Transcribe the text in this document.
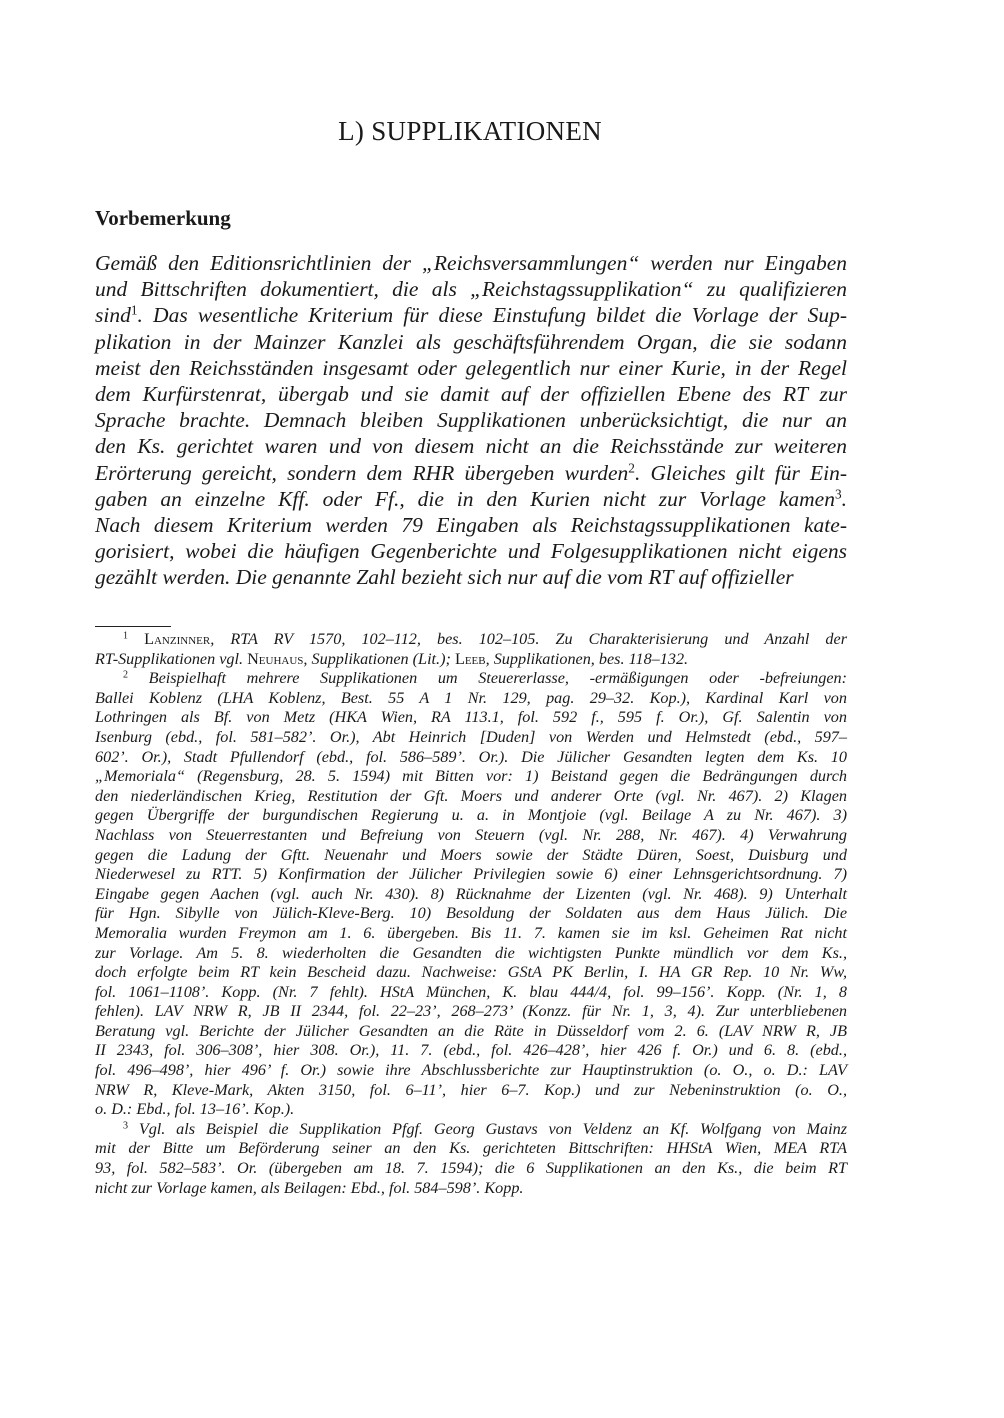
L) SUPPLIKATIONEN
Vorbemerkung
Gemäß den Editionsrichtlinien der „Reichsversammlungen“ werden nur Eingaben
und Bittschriften dokumentiert, die als „Reichstagssupplikation“ zu qualifizieren
sind$^1$. Das wesentliche Kriterium für diese Einstufung bildet die Vorlage der Sup-
plikation in der Mainzer Kanzlei als geschäftsführendem Organ, die sie sodann
meist den Reichsständen insgesamt oder gelegentlich nur einer Kurie, in der Regel
dem Kurfürstenrat, übergab und sie damit auf der offiziellen Ebene des RT zur
Sprache brachte. Demnach bleiben Supplikationen unberücksichtigt, die nur an
den Ks. gerichtet waren und von diesem nicht an die Reichsstände zur weiteren
Erörterung gereicht, sondern dem RHR übergeben wurden$^2$. Gleiches gilt für Ein-
gaben an einzelne Kff. oder Ff., die in den Kurien nicht zur Vorlage kamen$^3$.
Nach diesem Kriterium werden 79 Eingaben als Reichstagssupplikationen kate-
gorisiert, wobei die häufigen Gegenberichte und Folgesupplikationen nicht eigens
gezählt werden. Die genannte Zahl bezieht sich nur auf die vom RT auf offizieller
$^1$ Lanzinner, RTA RV 1570, 102–112, bes. 102–105. Zu Charakterisierung und Anzahl der
RT-Supplikationen vgl. Neuhaus, Supplikationen (Lit.); Leeb, Supplikationen, bes. 118–132.
$^2$ Beispielhaft mehrere Supplikationen um Steuererlasse, -ermäßigungen oder -befreiungen:
Ballei Koblenz (LHA Koblenz, Best. 55 A 1 Nr. 129, pag. 29–32. Kop.), Kardinal Karl von
Lothringen als Bf. von Metz (HKA Wien, RA 113.1, fol. 592 f., 595 f. Or.), Gf. Salentin von
Isenburg (ebd., fol. 581–582’. Or.), Abt Heinrich [Duden] von Werden und Helmstedt (ebd., 597–
602’. Or.), Stadt Pfullendorf (ebd., fol. 586–589’. Or.). Die Jülicher Gesandten legten dem Ks. 10
„Memoriala“ (Regensburg, 28. 5. 1594) mit Bitten vor: 1) Beistand gegen die Bedrängungen durch
den niederländischen Krieg, Restitution der Gft. Moers und anderer Orte (vgl. Nr. 467). 2) Klagen
gegen Übergriffe der burgundischen Regierung u. a. in Montjoie (vgl. Beilage A zu Nr. 467). 3)
Nachlass von Steuerrestanten und Befreiung von Steuern (vgl. Nr. 288, Nr. 467). 4) Verwahrung
gegen die Ladung der Gftt. Neuenahr und Moers sowie der Städte Düren, Soest, Duisburg und
Niederwesel zu RTT. 5) Konfirmation der Jülicher Privilegien sowie 6) einer Lehnsgerichtsordnung. 7)
Eingabe gegen Aachen (vgl. auch Nr. 430). 8) Rücknahme der Lizenten (vgl. Nr. 468). 9) Unterhalt
für Hgn. Sibylle von Jülich-Kleve-Berg. 10) Besoldung der Soldaten aus dem Haus Jülich. Die
Memoralia wurden Freymon am 1. 6. übergeben. Bis 11. 7. kamen sie im ksl. Geheimen Rat nicht
zur Vorlage. Am 5. 8. wiederholten die Gesandten die wichtigsten Punkte mündlich vor dem Ks.,
doch erfolgte beim RT kein Bescheid dazu. Nachweise: GStA PK Berlin, I. HA GR Rep. 10 Nr. Ww,
fol. 1061–1108’. Kopp. (Nr. 7 fehlt). HStA München, K. blau 444/4, fol. 99–156’. Kopp. (Nr. 1, 8
fehlen). LAV NRW R, JB II 2344, fol. 22–23’, 268–273’ (Konzz. für Nr. 1, 3, 4). Zur unterbliebenen
Beratung vgl. Berichte der Jülicher Gesandten an die Räte in Düsseldorf vom 2. 6. (LAV NRW R, JB
II 2343, fol. 306–308’, hier 308. Or.), 11. 7. (ebd., fol. 426–428’, hier 426 f. Or.) und 6. 8. (ebd.,
fol. 496–498’, hier 496’ f. Or.) sowie ihre Abschlussberichte zur Hauptinstruktion (o. O., o. D.: LAV
NRW R, Kleve-Mark, Akten 3150, fol. 6–11’, hier 6–7. Kop.) und zur Nebeninstruktion (o. O.,
o. D.: Ebd., fol. 13–16’. Kop.).
$^3$ Vgl. als Beispiel die Supplikation Pfgf. Georg Gustavs von Veldenz an Kf. Wolfgang von Mainz
mit der Bitte um Beförderung seiner an den Ks. gerichteten Bittschriften: HHStA Wien, MEA RTA
93, fol. 582–583’. Or. (übergeben am 18. 7. 1594); die 6 Supplikationen an den Ks., die beim RT
nicht zur Vorlage kamen, als Beilagen: Ebd., fol. 584–598’. Kopp.
